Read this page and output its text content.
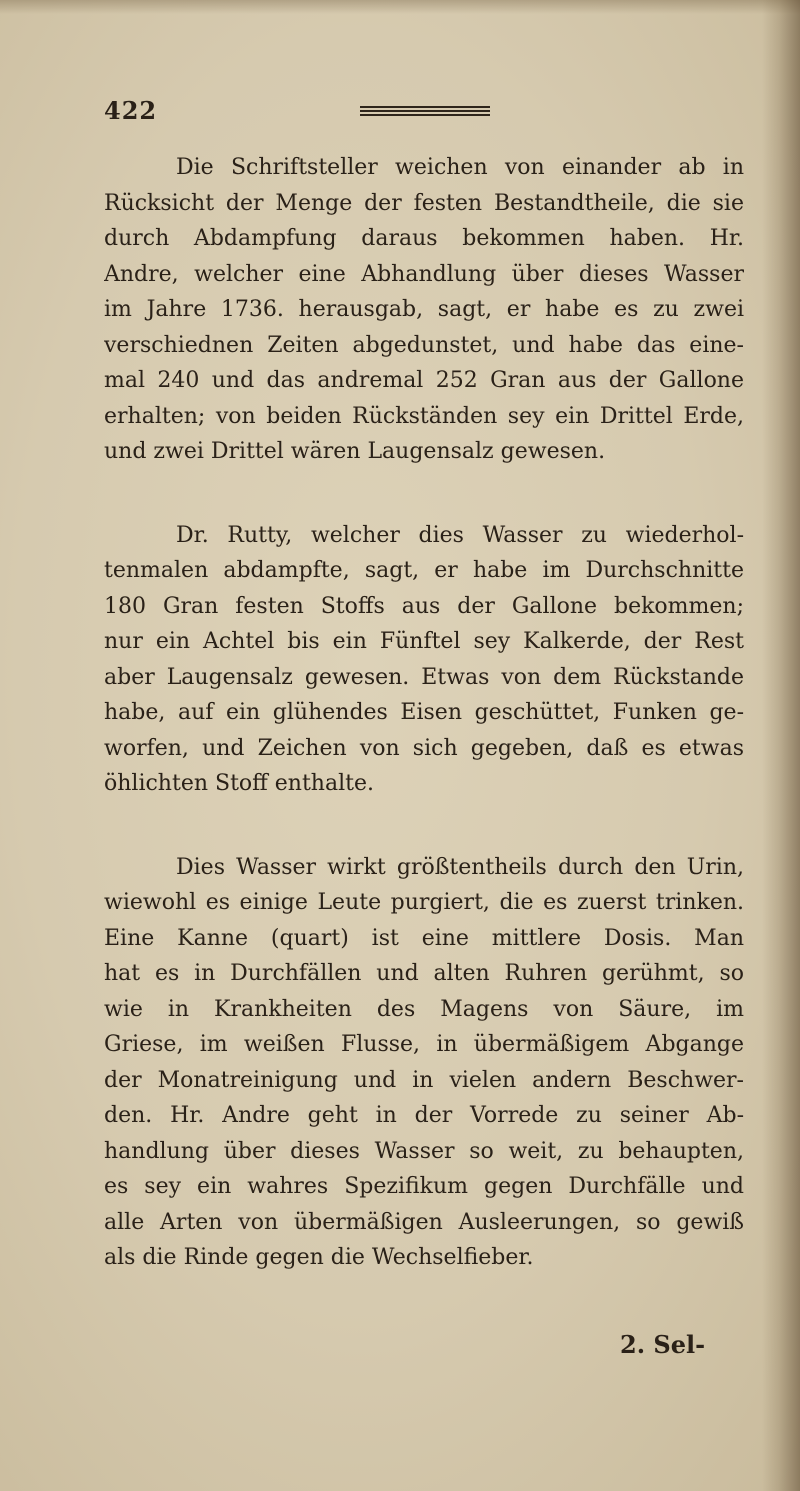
422
Die Schriftsteller weichen von einander ab in
Rücksicht der Menge der festen Bestandtheile, die sie
durch Abdampfung daraus bekommen haben. Hr.
Andre, welcher eine Abhandlung über dieses Wasser
im Jahre 1736. herausgab, sagt, er habe es zu zwei
verschiednen Zeiten abgedunstet, und habe das eine-
mal 240 und das andremal 252 Gran aus der Gallone
erhalten; von beiden Rückständen sey ein Drittel Erde,
und zwei Drittel wären Laugensalz gewesen.
Dr. Rutty, welcher dies Wasser zu wiederhol-
tenmalen abdampfte, sagt, er habe im Durchschnitte
180 Gran festen Stoffs aus der Gallone bekommen;
nur ein Achtel bis ein Fünftel sey Kalkerde, der Rest
aber Laugensalz gewesen. Etwas von dem Rückstande
habe, auf ein glühendes Eisen geschüttet, Funken ge-
worfen, und Zeichen von sich gegeben, daß es etwas
öhlichten Stoff enthalte.
Dies Wasser wirkt größtentheils durch den Urin,
wiewohl es einige Leute purgiert, die es zuerst trinken.
Eine Kanne (quart) ist eine mittlere Dosis. Man
hat es in Durchfällen und alten Ruhren gerühmt, so
wie in Krankheiten des Magens von Säure, im
Griese, im weißen Flusse, in übermäßigem Abgange
der Monatreinigung und in vielen andern Beschwer-
den. Hr. Andre geht in der Vorrede zu seiner Ab-
handlung über dieses Wasser so weit, zu behaupten,
es sey ein wahres Spezifikum gegen Durchfälle und
alle Arten von übermäßigen Ausleerungen, so gewiß
als die Rinde gegen die Wechselfieber.
2. Sel-
